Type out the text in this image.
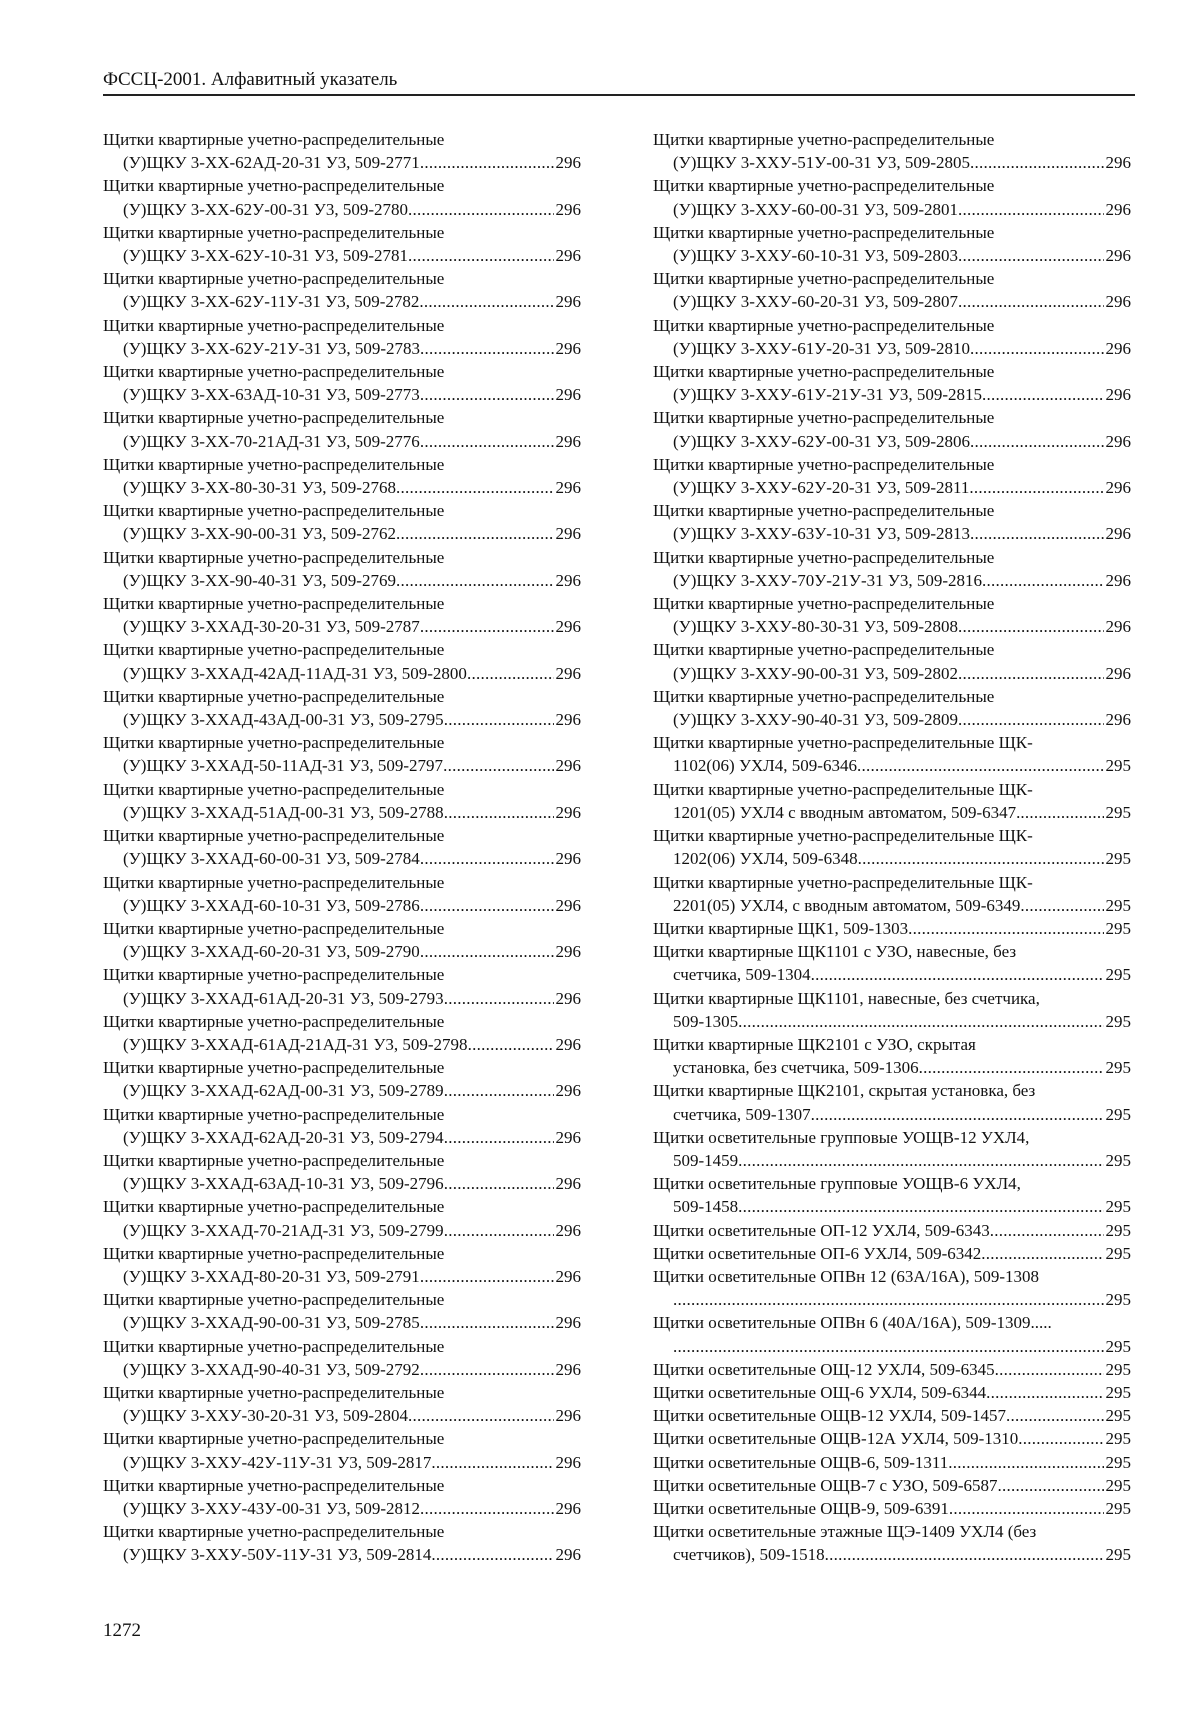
ФССЦ-2001. Алфавитный указатель
Щитки квартирные учетно-распределительные
(У)ЩКУ 3-XX-62АД-20-31 У3, 509-2771 . . .	296
Щитки квартирные учетно-распределительные
(У)ЩКУ 3-XX-62У-00-31 У3, 509-2780 . . .	296
Щитки квартирные учетно-распределительные
(У)ЩКУ 3-XX-62У-10-31 У3, 509-2781 . . .	296
Щитки квартирные учетно-распределительные
(У)ЩКУ 3-XX-62У-11У-31 У3, 509-2782 . . .	296
Щитки квартирные учетно-распределительные
(У)ЩКУ 3-XX-62У-21У-31 У3, 509-2783 . . .	296
Щитки квартирные учетно-распределительные
(У)ЩКУ 3-XX-63АД-10-31 У3, 509-2773 . . .	296
Щитки квартирные учетно-распределительные
(У)ЩКУ 3-XX-70-21АД-31 У3, 509-2776 . . .	296
Щитки квартирные учетно-распределительные
(У)ЩКУ 3-XX-80-30-31 У3, 509-2768 . . .	296
Щитки квартирные учетно-распределительные
(У)ЩКУ 3-XX-90-00-31 У3, 509-2762 . . .	296
Щитки квартирные учетно-распределительные
(У)ЩКУ 3-XX-90-40-31 У3, 509-2769 . . .	296
Щитки квартирные учетно-распределительные
(У)ЩКУ 3-XXАД-30-20-31 У3, 509-2787 . . .	296
Щитки квартирные учетно-распределительные
(У)ЩКУ 3-XXАД-42АД-11АД-31 У3, 509-2800 . . .	296
Щитки квартирные учетно-распределительные
(У)ЩКУ 3-XXАД-43АД-00-31 У3, 509-2795 . . .	296
Щитки квартирные учетно-распределительные
(У)ЩКУ 3-XXАД-50-11АД-31 У3, 509-2797 . . .	296
Щитки квартирные учетно-распределительные
(У)ЩКУ 3-XXАД-51АД-00-31 У3, 509-2788 . . .	296
Щитки квартирные учетно-распределительные
(У)ЩКУ 3-XXАД-60-00-31 У3, 509-2784 . . .	296
Щитки квартирные учетно-распределительные
(У)ЩКУ 3-XXАД-60-10-31 У3, 509-2786 . . .	296
Щитки квартирные учетно-распределительные
(У)ЩКУ 3-XXАД-60-20-31 У3, 509-2790 . . .	296
Щитки квартирные учетно-распределительные
(У)ЩКУ 3-XXАД-61АД-20-31 У3, 509-2793 . . .	296
Щитки квартирные учетно-распределительные
(У)ЩКУ 3-XXАД-61АД-21АД-31 У3, 509-2798 . . .	296
Щитки квартирные учетно-распределительные
(У)ЩКУ 3-XXАД-62АД-00-31 У3, 509-2789 . . .	296
Щитки квартирные учетно-распределительные
(У)ЩКУ 3-XXАД-62АД-20-31 У3, 509-2794 . . .	296
Щитки квартирные учетно-распределительные
(У)ЩКУ 3-XXАД-63АД-10-31 У3, 509-2796 . . .	296
Щитки квартирные учетно-распределительные
(У)ЩКУ 3-XXАД-70-21АД-31 У3, 509-2799 . . .	296
Щитки квартирные учетно-распределительные
(У)ЩКУ 3-XXАД-80-20-31 У3, 509-2791 . . .	296
Щитки квартирные учетно-распределительные
(У)ЩКУ 3-XXАД-90-00-31 У3, 509-2785 . . .	296
Щитки квартирные учетно-распределительные
(У)ЩКУ 3-XXАД-90-40-31 У3, 509-2792 . . .	296
Щитки квартирные учетно-распределительные
(У)ЩКУ 3-XXУ-30-20-31 У3, 509-2804 . . .	296
Щитки квартирные учетно-распределительные
(У)ЩКУ 3-XXУ-42У-11У-31 У3, 509-2817 . . .	296
Щитки квартирные учетно-распределительные
(У)ЩКУ 3-XXУ-43У-00-31 У3, 509-2812 . . .	296
Щитки квартирные учетно-распределительные
(У)ЩКУ 3-XXУ-50У-11У-31 У3, 509-2814 . . .	296
Щитки квартирные учетно-распределительные
(У)ЩКУ 3-XXУ-51У-00-31 У3, 509-2805 . . .	296
Щитки квартирные учетно-распределительные
(У)ЩКУ 3-XXУ-60-00-31 У3, 509-2801 . . .	296
Щитки квартирные учетно-распределительные
(У)ЩКУ 3-XXУ-60-10-31 У3, 509-2803 . . .	296
Щитки квартирные учетно-распределительные
(У)ЩКУ 3-XXУ-60-20-31 У3, 509-2807 . . .	296
Щитки квартирные учетно-распределительные
(У)ЩКУ 3-XXУ-61У-20-31 У3, 509-2810 . . .	296
Щитки квартирные учетно-распределительные
(У)ЩКУ 3-XXУ-61У-21У-31 У3, 509-2815 . . .	296
Щитки квартирные учетно-распределительные
(У)ЩКУ 3-XXУ-62У-00-31 У3, 509-2806 . . .	296
Щитки квартирные учетно-распределительные
(У)ЩКУ 3-XXУ-62У-20-31 У3, 509-2811 . . .	296
Щитки квартирные учетно-распределительные
(У)ЩКУ 3-XXУ-63У-10-31 У3, 509-2813 . . .	296
Щитки квартирные учетно-распределительные
(У)ЩКУ 3-XXУ-70У-21У-31 У3, 509-2816 . . .	296
Щитки квартирные учетно-распределительные
(У)ЩКУ 3-XXУ-80-30-31 У3, 509-2808 . . .	296
Щитки квартирные учетно-распределительные
(У)ЩКУ 3-XXУ-90-00-31 У3, 509-2802 . . .	296
Щитки квартирные учетно-распределительные
(У)ЩКУ 3-XXУ-90-40-31 У3, 509-2809 . . .	296
Щитки квартирные учетно-распределительные ЩК-
1102(06) УХЛ4, 509-6346 . . .	295
Щитки квартирные учетно-распределительные ЩК-
1201(05) УХЛ4 с вводным автоматом, 509-6347. . . .	295
Щитки квартирные учетно-распределительные ЩК-
1202(06) УХЛ4, 509-6348 . . .	295
Щитки квартирные учетно-распределительные ЩК-
2201(05) УХЛ4, с вводным автоматом, 509-6349 . . .	295
Щитки квартирные ЩК1, 509-1303 . . .	295
Щитки квартирные ЩК1101 с УЗО, навесные, без
счетчика, 509-1304 . . .	295
Щитки квартирные ЩК1101, навесные, без счетчика,
509-1305 . . .	295
Щитки квартирные ЩК2101 с УЗО, скрытая
установка, без счетчика, 509-1306 . . .	295
Щитки квартирные ЩК2101, скрытая установка, без
счетчика, 509-1307 . . .	295
Щитки осветительные групповые УОЩВ-12 УХЛ4,
509-1459 . . .	295
Щитки осветительные групповые УОЩВ-6 УХЛ4,
509-1458 . . .	295
Щитки осветительные ОП-12 УХЛ4, 509-6343 . . .	295
Щитки осветительные ОП-6 УХЛ4, 509-6342 . . .	295
Щитки осветительные ОПВн 12 (63А/16А), 509-1308
. . .
295
Щитки осветительные ОПВн 6 (40А/16А), 509-1309.....
. . .
295
Щитки осветительные ОЩ-12 УХЛ4, 509-6345 . . .	295
Щитки осветительные ОЩ-6 УХЛ4, 509-6344 . . .	295
Щитки осветительные ОЩВ-12 УХЛ4, 509-1457 . . .	295
Щитки осветительные ОЩВ-12А УХЛ4, 509-1310 . . .	295
Щитки осветительные ОЩВ-6, 509-1311 . . .	295
Щитки осветительные ОЩВ-7 с УЗО, 509-6587 . . .	295
Щитки осветительные ОЩВ-9, 509-6391 . . .	295
Щитки осветительные этажные ЩЭ-1409 УХЛ4 (без
счетчиков), 509-1518 . . .	295
1272
